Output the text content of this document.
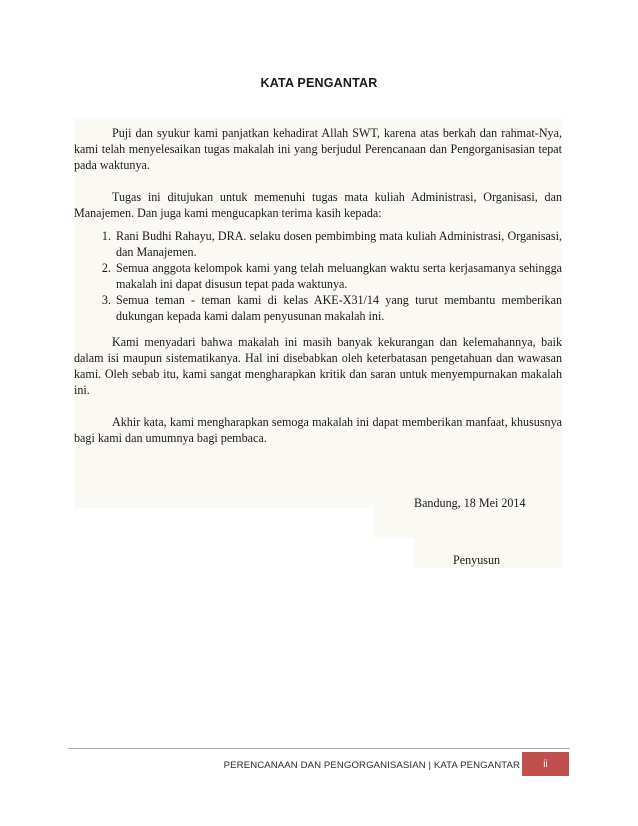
KATA PENGANTAR

Puji dan syukur kami panjatkan kehadirat Allah SWT, karena atas berkah dan rahmat-Nya, kami telah menyelesaikan tugas makalah ini yang berjudul Perencanaan dan Pengorganisasian tepat pada waktunya.

Tugas ini ditujukan untuk memenuhi tugas mata kuliah Administrasi, Organisasi, dan Manajemen. Dan juga kami mengucapkan terima kasih kepada:

1. Rani Budhi Rahayu, DRA. selaku dosen pembimbing mata kuliah Administrasi, Organisasi, dan Manajemen.
2. Semua anggota kelompok kami yang telah meluangkan waktu serta kerjasamanya sehingga makalah ini dapat disusun tepat pada waktunya.
3. Semua teman - teman kami di kelas AKE-X31/14 yang turut membantu memberikan dukungan kepada kami dalam penyusunan makalah ini.

Kami menyadari bahwa makalah ini masih banyak kekurangan dan kelemahannya, baik dalam isi maupun sistematikanya. Hal ini disebabkan oleh keterbatasan pengetahuan dan wawasan kami. Oleh sebab itu, kami sangat mengharapkan kritik dan saran untuk menyempurnakan makalah ini.

Akhir kata, kami mengharapkan semoga makalah ini dapat memberikan manfaat, khususnya bagi kami dan umumnya bagi pembaca.

Bandung, 18 Mei 2014
Penyusun
PERENCANAAN DAN PENGORGANISASIAN | KATA PENGANTAR ii
